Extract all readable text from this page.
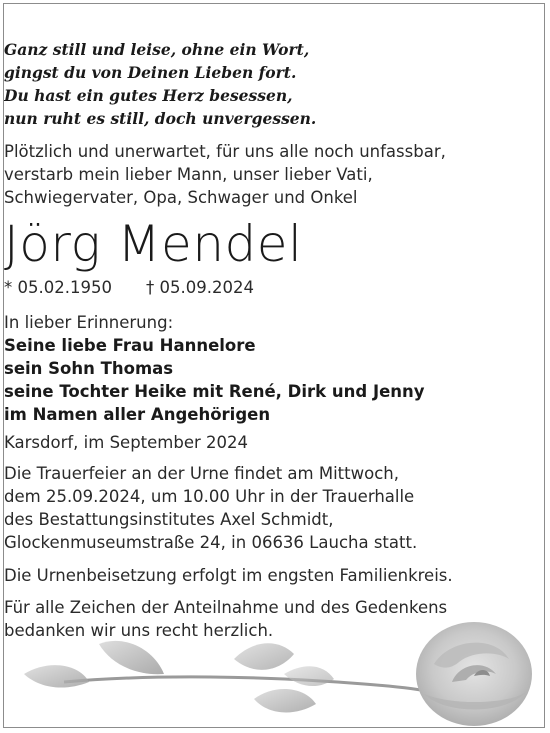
Ganz still und leise, ohne ein Wort,
gingst du von Deinen Lieben fort.
Du hast ein gutes Herz besessen,
nun ruht es still, doch unvergessen.
Plötzlich und unerwartet, für uns alle noch unfassbar,
verstarb mein lieber Mann, unser lieber Vati,
Schwiegervater, Opa, Schwager und Onkel
Jörg Mendel
* 05.02.1950 † 05.09.2024
In lieber Erinnerung:
Seine liebe Frau Hannelore
sein Sohn Thomas
seine Tochter Heike mit René, Dirk und Jenny
im Namen aller Angehörigen
Karsdorf, im September 2024
Die Trauerfeier an der Urne findet am Mittwoch,
dem 25.09.2024, um 10.00 Uhr in der Trauerhalle
des Bestattungsinstitutes Axel Schmidt,
Glockenmuseumstraße 24, in 06636 Laucha statt.
Die Urnenbeisetzung erfolgt im engsten Familienkreis.
Für alle Zeichen der Anteilnahme und des Gedenkens
bedanken wir uns recht herzlich.
